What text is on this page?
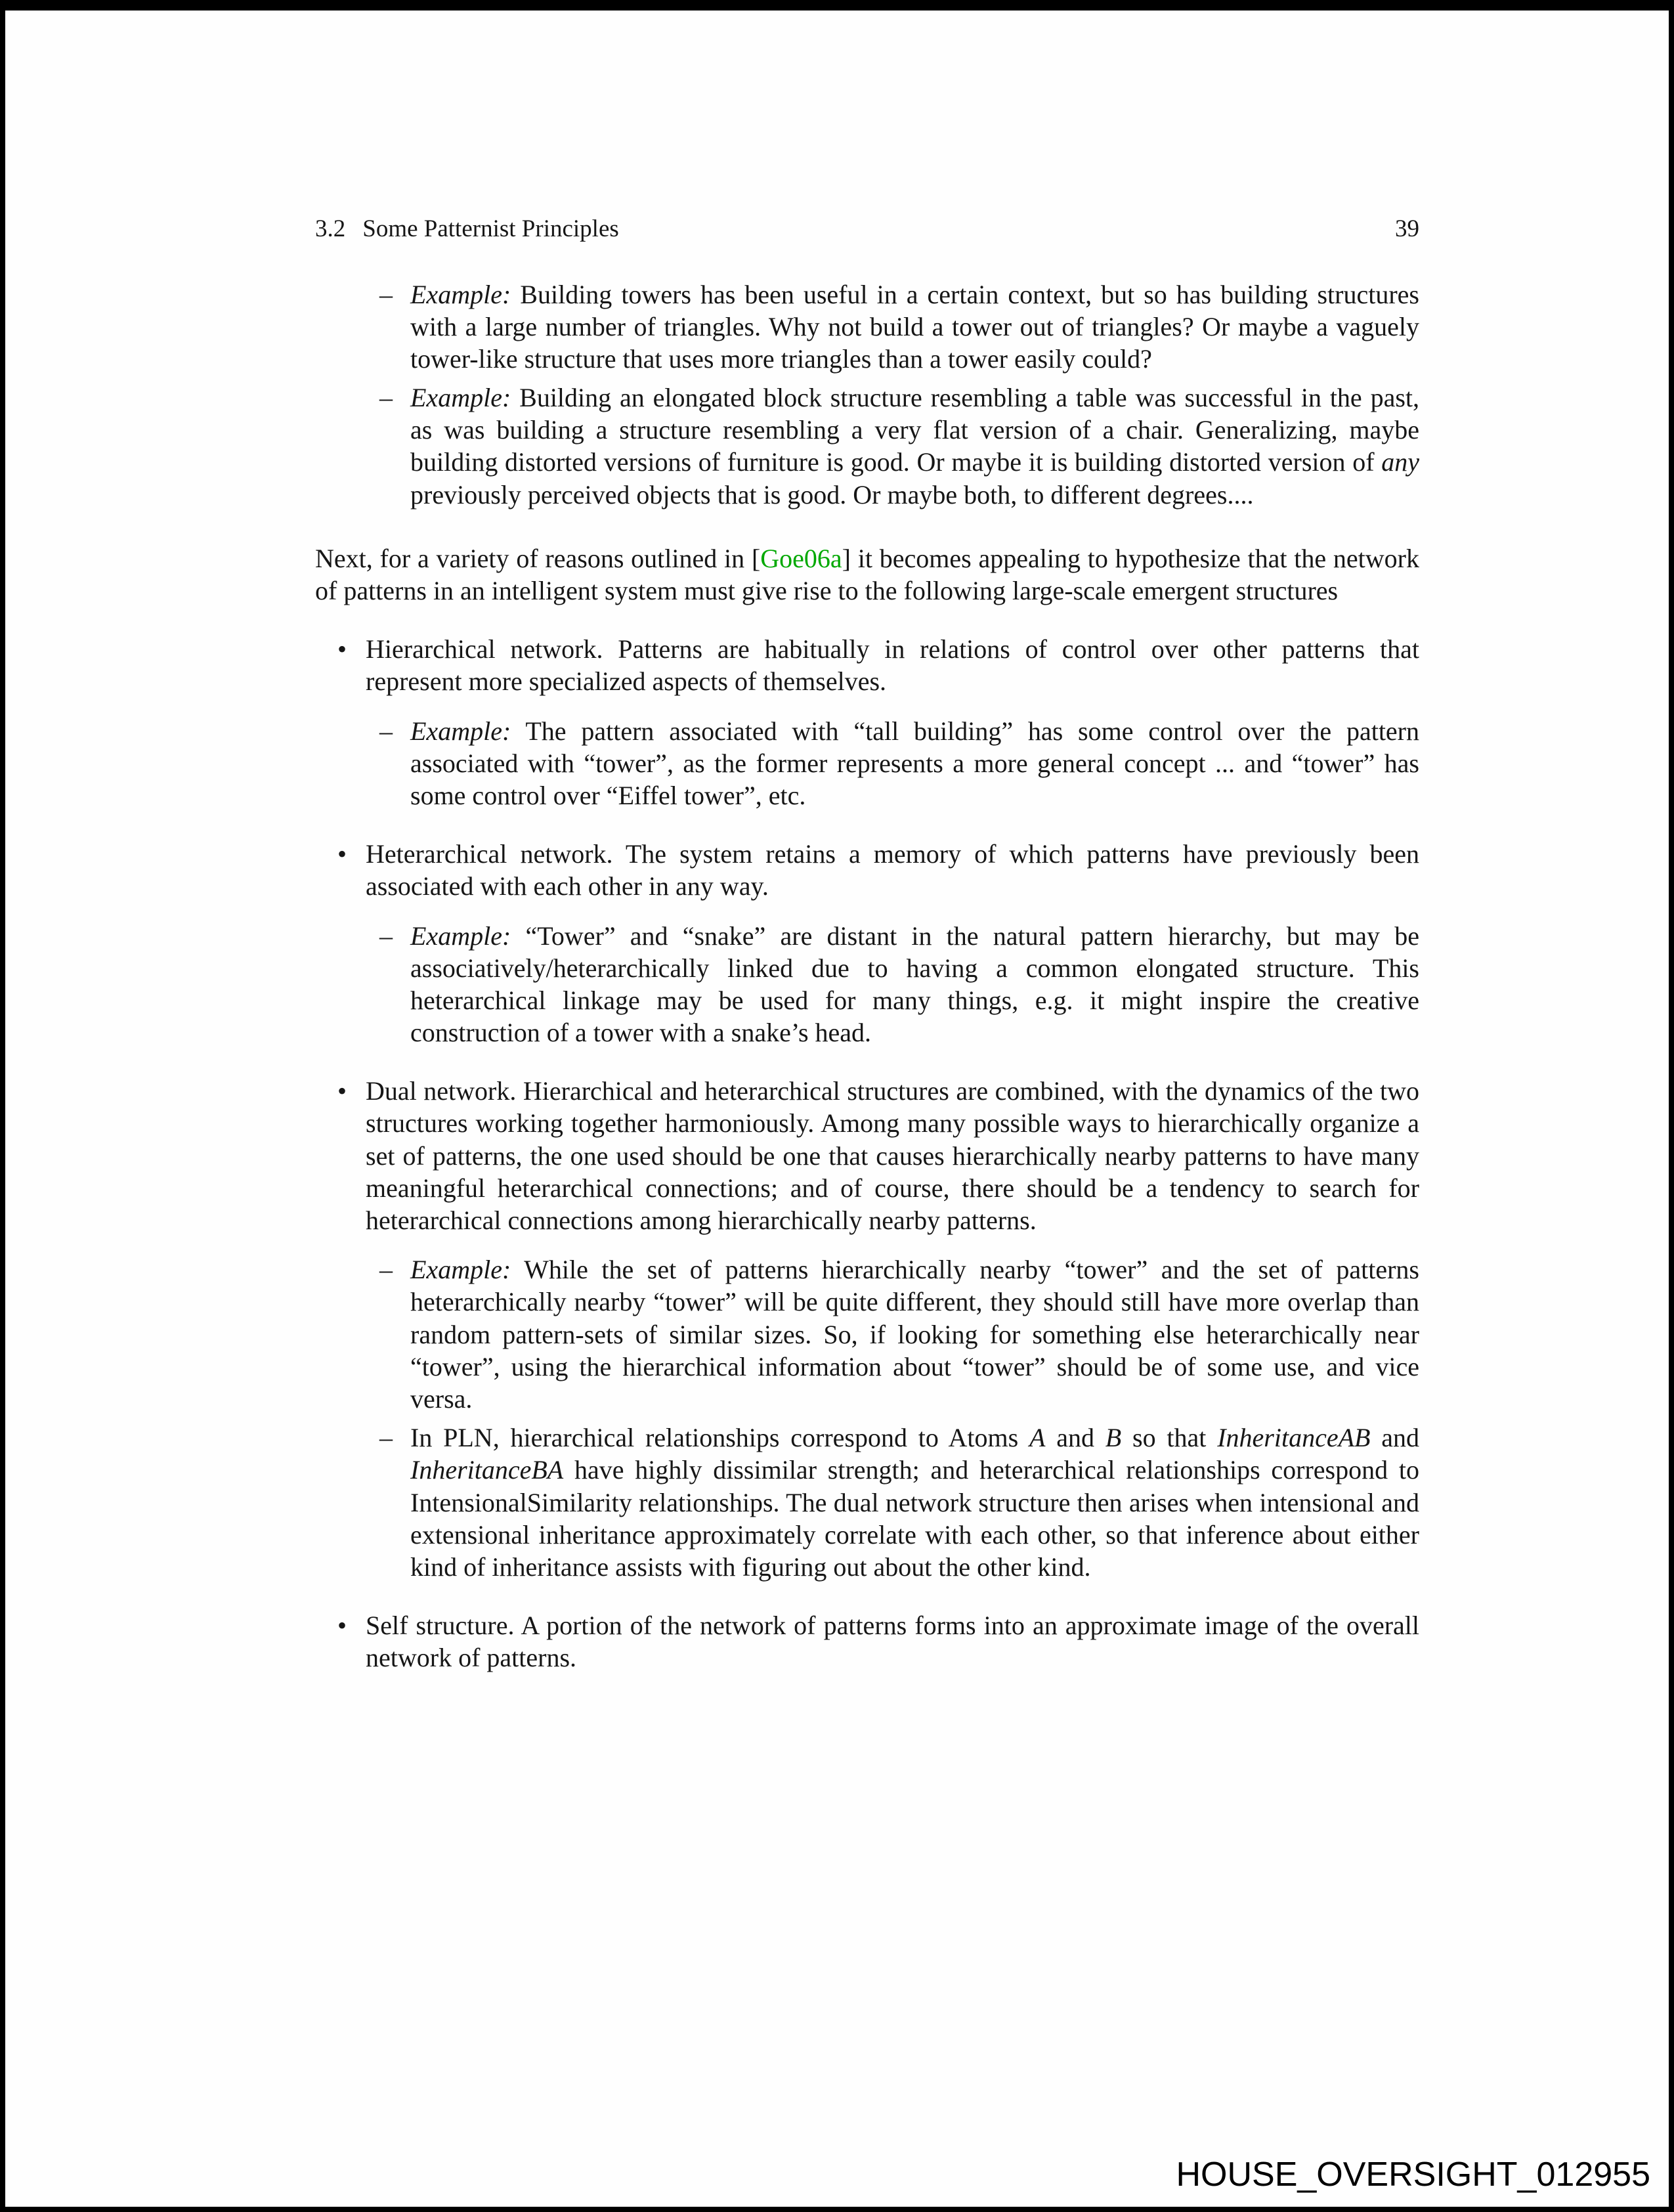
3.2 Some Patternist Principles	39
– Example: Building towers has been useful in a certain context, but so has building structures with a large number of triangles. Why not build a tower out of triangles? Or maybe a vaguely tower-like structure that uses more triangles than a tower easily could?
– Example: Building an elongated block structure resembling a table was successful in the past, as was building a structure resembling a very flat version of a chair. Generalizing, maybe building distorted versions of furniture is good. Or maybe it is building distorted version of any previously perceived objects that is good. Or maybe both, to different degrees....

Next, for a variety of reasons outlined in [Goe06a] it becomes appealing to hypothesize that the network of patterns in an intelligent system must give rise to the following large-scale emergent structures

• Hierarchical network. Patterns are habitually in relations of control over other patterns that represent more specialized aspects of themselves.
– Example: The pattern associated with “tall building” has some control over the pattern associated with “tower”, as the former represents a more general concept ... and “tower” has some control over “Eiffel tower”, etc.
• Heterarchical network. The system retains a memory of which patterns have previously been associated with each other in any way.
– Example: “Tower” and “snake” are distant in the natural pattern hierarchy, but may be associatively/heterarchically linked due to having a common elongated structure. This heterarchical linkage may be used for many things, e.g. it might inspire the creative construction of a tower with a snake’s head.
• Dual network. Hierarchical and heterarchical structures are combined, with the dynamics of the two structures working together harmoniously. Among many possible ways to hierarchically organize a set of patterns, the one used should be one that causes hierarchically nearby patterns to have many meaningful heterarchical connections; and of course, there should be a tendency to search for heterarchical connections among hierarchically nearby patterns.
– Example: While the set of patterns hierarchically nearby “tower” and the set of patterns heterarchically nearby “tower” will be quite different, they should still have more overlap than random pattern-sets of similar sizes. So, if looking for something else heterarchically near “tower”, using the hierarchical information about “tower” should be of some use, and vice versa.
– In PLN, hierarchical relationships correspond to Atoms A and B so that InheritanceAB and InheritanceBA have highly dissimilar strength; and heterarchical relationships correspond to IntensionalSimilarity relationships. The dual network structure then arises when intensional and extensional inheritance approximately correlate with each other, so that inference about either kind of inheritance assists with figuring out about the other kind.
• Self structure. A portion of the network of patterns forms into an approximate image of the overall network of patterns.
HOUSE_OVERSIGHT_012955
